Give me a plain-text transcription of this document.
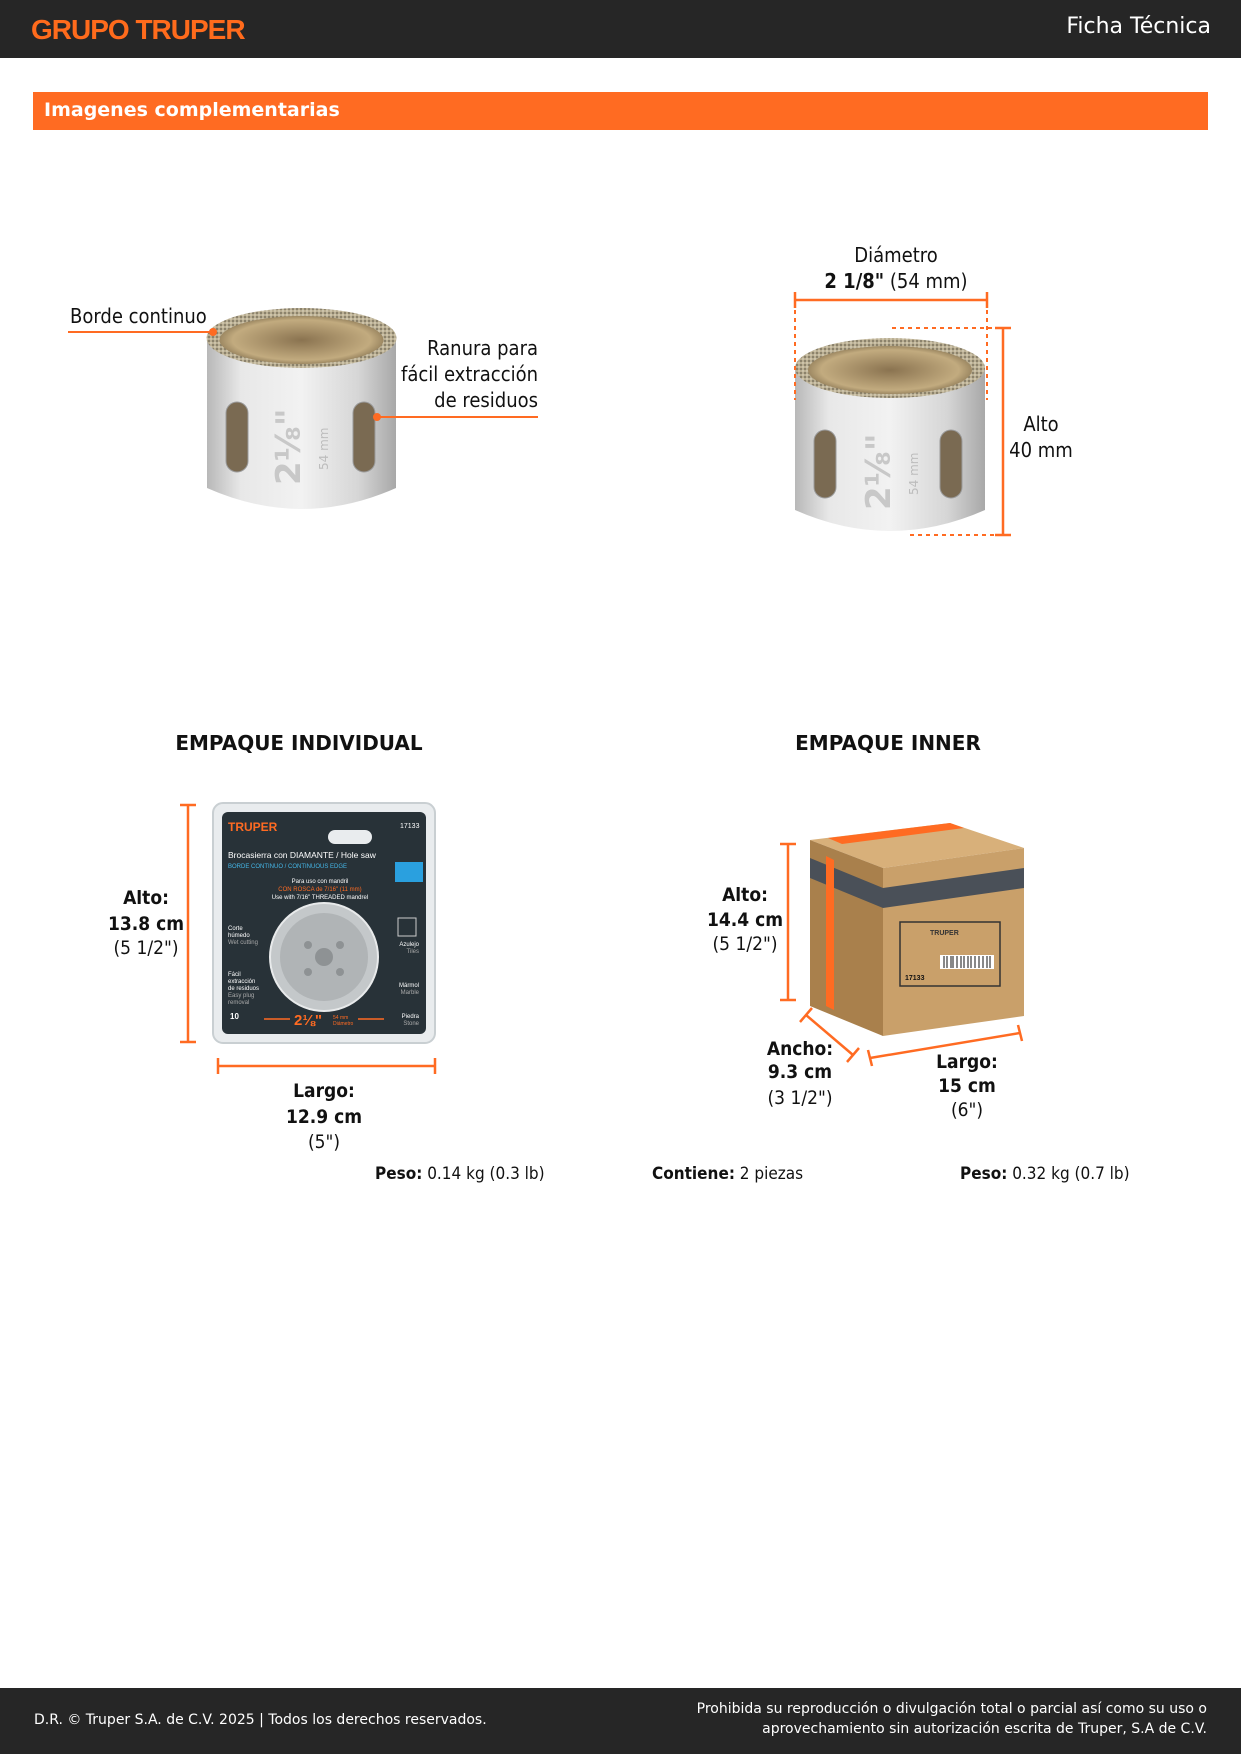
GRUPO TRUPER	Ficha Técnica
Imagenes complementarias
2⅛" 54 mm	2⅛" 54 mm
TRUPER	17133
Brocasierra con DIAMANTE / Hole saw
BORDE CONTINUO / CONTINUOUS EDGE
Para uso con mandril
CON ROSCA de 7/16" (11 mm)
Use with 7/16" THREADED mandrel
Corte
húmedo
Wet cutting
Fácil
extracción
de residuos
Easy plug
removal
Azulejo
Tiles
Mármol
Marble
Piedra
Stone
2⅛" 54 mm
Diámetro
10
TRUPER
17133
Borde continuo
Ranura para
fácil extracción
de residuos
Diámetro
2 1/8" (54 mm)
Alto
40 mm
EMPAQUE INDIVIDUAL
Alto:
13.8 cm
(5 1/2")
Largo:
12.9 cm
(5")
Peso: 0.14 kg (0.3 lb)
EMPAQUE INNER
Alto:
14.4 cm
(5 1/2")
Ancho:
9.3 cm
(3 1/2")
Largo:
15 cm
(6")
Contiene: 2 piezas	Peso: 0.32 kg (0.7 lb)
D.R. © Truper S.A. de C.V. 2025 | Todos los derechos reservados.
Prohibida su reproducción o divulgación total o parcial así como su uso o
aprovechamiento sin autorización escrita de Truper, S.A de C.V.
